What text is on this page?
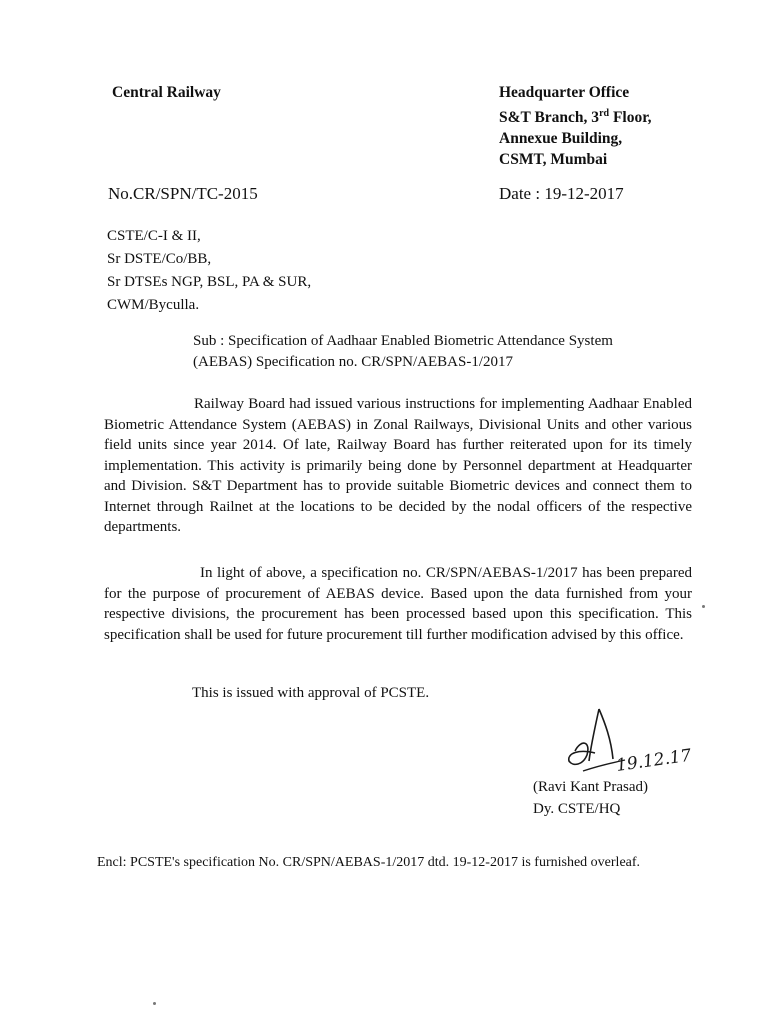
Central Railway	Headquarter Office
S&T Branch, 3rd Floor,
Annexue Building,
CSMT, Mumbai
No.CR/SPN/TC-2015	Date : 19-12-2017
CSTE/C-I & II,
Sr DSTE/Co/BB,
Sr DTSEs NGP, BSL, PA & SUR,
CWM/Byculla.
Sub : Specification of Aadhaar Enabled Biometric Attendance System
(AEBAS) Specification no. CR/SPN/AEBAS-1/2017
Railway Board had issued various instructions for implementing Aadhaar Enabled Biometric Attendance System (AEBAS) in Zonal Railways, Divisional Units and other various field units since year 2014. Of late, Railway Board has further reiterated upon for its timely implementation. This activity is primarily being done by Personnel department at Headquarter and Division. S&T Department has to provide suitable Biometric devices and connect them to Internet through Railnet at the locations to be decided by the nodal officers of the respective departments.
In light of above, a specification no. CR/SPN/AEBAS-1/2017 has been prepared for the purpose of procurement of AEBAS device. Based upon the data furnished from your respective divisions, the procurement has been processed based upon this specification. This specification shall be used for future procurement till further modification advised by this office.
This is issued with approval of PCSTE.
19.12.17
(Ravi Kant Prasad)
Dy. CSTE/HQ
Encl: PCSTE's specification No. CR/SPN/AEBAS-1/2017 dtd. 19-12-2017 is furnished overleaf.
